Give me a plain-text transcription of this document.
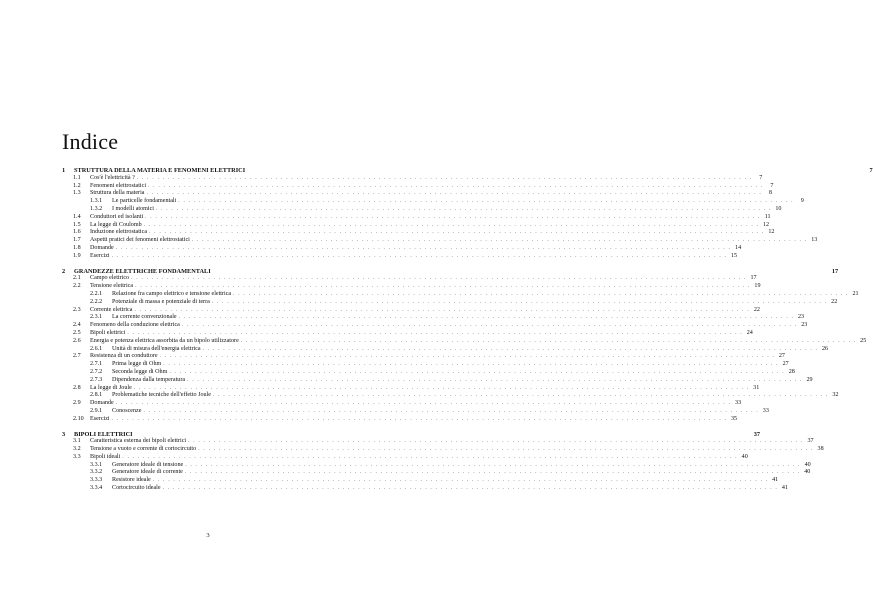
Indice
1	STRUTTURA DELLA MATERIA E FENOMENI ELETTRICI	7
1.1	Cos'è l'elettricità ? . . . . . . . . . . . . . . . . . . . . . . . . . . . . . . . . . . . . . . . . . . . . . . . . . . . . . . . . . . . . . . . . . . . . . . . . . . . . . . . . . . . . . . . . . . . . . . . . . . . . . . . . . . . . . . . . . . . . . . . .	7
1.2	Fenomeni elettrostatici . . . . . . . . . . . . . . . . . . . . . . . . . . . . . . . . . . . . . . . . . . . . . . . . . . . . . . . . . . . . . . . . . . . . . . . . . . . . . . . . . . . . . . . . . . . . . . . . . . . . . . . . . . . . . . . . . . . . . . . .	7
1.3	Struttura della materia . . . . . . . . . . . . . . . . . . . . . . . . . . . . . . . . . . . . . . . . . . . . . . . . . . . . . . . . . . . . . . . . . . . . . . . . . . . . . . . . . . . . . . . . . . . . . . . . . . . . . . . . . . . . . . . . . . . . . . . .	8
1.3.1	Le particelle fondamentali . . . . . . . . . . . . . . . . . . . . . . . . . . . . . . . . . . . . . . . . . . . . . . . . . . . . . . . . . . . . . . . . . . . . . . . . . . . . . . . . . . . . . . . . . . . . . . . . . . . . . . . . . . . . . . . . . . . . . . . .	9
1.3.2	I modelli atomici . . . . . . . . . . . . . . . . . . . . . . . . . . . . . . . . . . . . . . . . . . . . . . . . . . . . . . . . . . . . . . . . . . . . . . . . . . . . . . . . . . . . . . . . . . . . . . . . . . . . . . . . . . . . . . . . . . . . . . . . 10
1.4	Conduttori ed isolanti . . . . . . . . . . . . . . . . . . . . . . . . . . . . . . . . . . . . . . . . . . . . . . . . . . . . . . . . . . . . . . . . . . . . . . . . . . . . . . . . . . . . . . . . . . . . . . . . . . . . . . . . . . . . . . . . . . . . . . . . 11
1.5	La legge di Coulomb . . . . . . . . . . . . . . . . . . . . . . . . . . . . . . . . . . . . . . . . . . . . . . . . . . . . . . . . . . . . . . . . . . . . . . . . . . . . . . . . . . . . . . . . . . . . . . . . . . . . . . . . . . . . . . . . . . . . . . . . 12
1.6	Induzione elettrostatica . . . . . . . . . . . . . . . . . . . . . . . . . . . . . . . . . . . . . . . . . . . . . . . . . . . . . . . . . . . . . . . . . . . . . . . . . . . . . . . . . . . . . . . . . . . . . . . . . . . . . . . . . . . . . . . . . . . . . . . . 12
1.7	Aspetti pratici dei fenomeni elettrostatici . . . . . . . . . . . . . . . . . . . . . . . . . . . . . . . . . . . . . . . . . . . . . . . . . . . . . . . . . . . . . . . . . . . . . . . . . . . . . . . . . . . . . . . . . . . . . . . . . . . . . . . . . . . . . . . . . . . . . . . . 13
1.8	Domande . . . . . . . . . . . . . . . . . . . . . . . . . . . . . . . . . . . . . . . . . . . . . . . . . . . . . . . . . . . . . . . . . . . . . . . . . . . . . . . . . . . . . . . . . . . . . . . . . . . . . . . . . . . . . . . . . . . . . . . . 14
1.9	Esercizi . . . . . . . . . . . . . . . . . . . . . . . . . . . . . . . . . . . . . . . . . . . . . . . . . . . . . . . . . . . . . . . . . . . . . . . . . . . . . . . . . . . . . . . . . . . . . . . . . . . . . . . . . . . . . . . . . . . . . . . . 15
2	GRANDEZZE ELETTRICHE FONDAMENTALI	17
2.1	Campo elettrico . . . . . . . . . . . . . . . . . . . . . . . . . . . . . . . . . . . . . . . . . . . . . . . . . . . . . . . . . . . . . . . . . . . . . . . . . . . . . . . . . . . . . . . . . . . . . . . . . . . . . . . . . . . . . . . . . . . . . . . . 17
2.2	Tensione elettrica . . . . . . . . . . . . . . . . . . . . . . . . . . . . . . . . . . . . . . . . . . . . . . . . . . . . . . . . . . . . . . . . . . . . . . . . . . . . . . . . . . . . . . . . . . . . . . . . . . . . . . . . . . . . . . . . . . . . . . . . 19
2.2.1	Relazione fra campo elettrico e tensione elettrica . . . . . . . . . . . . . . . . . . . . . . . . . . . . . . . . . . . . . . . . . . . . . . . . . . . . . . . . . . . . . . . . . . . . . . . . . . . . . . . . . . . . . . . . . . . . . . . . . . . . . . . . . . . . . . . . . . . . . . . . 21
2.2.2	Potenziale di massa e potenziale di terra . . . . . . . . . . . . . . . . . . . . . . . . . . . . . . . . . . . . . . . . . . . . . . . . . . . . . . . . . . . . . . . . . . . . . . . . . . . . . . . . . . . . . . . . . . . . . . . . . . . . . . . . . . . . . . . . . . . . . . . . 22
2.3	Corrente elettrica . . . . . . . . . . . . . . . . . . . . . . . . . . . . . . . . . . . . . . . . . . . . . . . . . . . . . . . . . . . . . . . . . . . . . . . . . . . . . . . . . . . . . . . . . . . . . . . . . . . . . . . . . . . . . . . . . . . . . . . . 22
2.3.1	La corrente convenzionale . . . . . . . . . . . . . . . . . . . . . . . . . . . . . . . . . . . . . . . . . . . . . . . . . . . . . . . . . . . . . . . . . . . . . . . . . . . . . . . . . . . . . . . . . . . . . . . . . . . . . . . . . . . . . . . . . . . . . . . . 23
2.4	Fenomeno della conduzione elettrica . . . . . . . . . . . . . . . . . . . . . . . . . . . . . . . . . . . . . . . . . . . . . . . . . . . . . . . . . . . . . . . . . . . . . . . . . . . . . . . . . . . . . . . . . . . . . . . . . . . . . . . . . . . . . . . . . . . . . . . . 23
2.5	Bipoli elettrici . . . . . . . . . . . . . . . . . . . . . . . . . . . . . . . . . . . . . . . . . . . . . . . . . . . . . . . . . . . . . . . . . . . . . . . . . . . . . . . . . . . . . . . . . . . . . . . . . . . . . . . . . . . . . . . . . . . . . . . . 24
2.6	Energia e potenza elettrica assorbita da un bipolo utilizzatore . . . . . . . . . . . . . . . . . . . . . . . . . . . . . . . . . . . . . . . . . . . . . . . . . . . . . . . . . . . . . . . . . . . . . . . . . . . . . . . . . . . . . . . . . . . . . . . . . . . . . . . . . . . . . . . . . . . . . . . . 25
2.6.1	Unità di misura dell'energia elettrica . . . . . . . . . . . . . . . . . . . . . . . . . . . . . . . . . . . . . . . . . . . . . . . . . . . . . . . . . . . . . . . . . . . . . . . . . . . . . . . . . . . . . . . . . . . . . . . . . . . . . . . . . . . . . . . . . . . . . . . . 26
2.7	Resistenza di un conduttore . . . . . . . . . . . . . . . . . . . . . . . . . . . . . . . . . . . . . . . . . . . . . . . . . . . . . . . . . . . . . . . . . . . . . . . . . . . . . . . . . . . . . . . . . . . . . . . . . . . . . . . . . . . . . . . . . . . . . . . . 27
2.7.1	Prima legge di Ohm . . . . . . . . . . . . . . . . . . . . . . . . . . . . . . . . . . . . . . . . . . . . . . . . . . . . . . . . . . . . . . . . . . . . . . . . . . . . . . . . . . . . . . . . . . . . . . . . . . . . . . . . . . . . . . . . . . . . . . . . 27
2.7.2	Seconda legge di Ohm . . . . . . . . . . . . . . . . . . . . . . . . . . . . . . . . . . . . . . . . . . . . . . . . . . . . . . . . . . . . . . . . . . . . . . . . . . . . . . . . . . . . . . . . . . . . . . . . . . . . . . . . . . . . . . . . . . . . . . . . 28
2.7.3	Dipendenza dalla temperatura . . . . . . . . . . . . . . . . . . . . . . . . . . . . . . . . . . . . . . . . . . . . . . . . . . . . . . . . . . . . . . . . . . . . . . . . . . . . . . . . . . . . . . . . . . . . . . . . . . . . . . . . . . . . . . . . . . . . . . . . 29
2.8	La legge di Joule . . . . . . . . . . . . . . . . . . . . . . . . . . . . . . . . . . . . . . . . . . . . . . . . . . . . . . . . . . . . . . . . . . . . . . . . . . . . . . . . . . . . . . . . . . . . . . . . . . . . . . . . . . . . . . . . . . . . . . . . 31
2.8.1	Problematiche tecniche dell'effetto Joule . . . . . . . . . . . . . . . . . . . . . . . . . . . . . . . . . . . . . . . . . . . . . . . . . . . . . . . . . . . . . . . . . . . . . . . . . . . . . . . . . . . . . . . . . . . . . . . . . . . . . . . . . . . . . . . . . . . . . . . . 32
2.9	Domande . . . . . . . . . . . . . . . . . . . . . . . . . . . . . . . . . . . . . . . . . . . . . . . . . . . . . . . . . . . . . . . . . . . . . . . . . . . . . . . . . . . . . . . . . . . . . . . . . . . . . . . . . . . . . . . . . . . . . . . . 33
2.9.1	Conoscenze . . . . . . . . . . . . . . . . . . . . . . . . . . . . . . . . . . . . . . . . . . . . . . . . . . . . . . . . . . . . . . . . . . . . . . . . . . . . . . . . . . . . . . . . . . . . . . . . . . . . . . . . . . . . . . . . . . . . . . . . 33
2.10	Esercizi . . . . . . . . . . . . . . . . . . . . . . . . . . . . . . . . . . . . . . . . . . . . . . . . . . . . . . . . . . . . . . . . . . . . . . . . . . . . . . . . . . . . . . . . . . . . . . . . . . . . . . . . . . . . . . . . . . . . . . . . 35
3	BIPOLI ELETTRICI	37
3.1	Caratteristica esterna dei bipoli elettrici . . . . . . . . . . . . . . . . . . . . . . . . . . . . . . . . . . . . . . . . . . . . . . . . . . . . . . . . . . . . . . . . . . . . . . . . . . . . . . . . . . . . . . . . . . . . . . . . . . . . . . . . . . . . . . . . . . . . . . . . 37
3.2	Tensione a vuoto e corrente di cortocircuito . . . . . . . . . . . . . . . . . . . . . . . . . . . . . . . . . . . . . . . . . . . . . . . . . . . . . . . . . . . . . . . . . . . . . . . . . . . . . . . . . . . . . . . . . . . . . . . . . . . . . . . . . . . . . . . . . . . . . . . . 38
3.3	Bipoli ideali . . . . . . . . . . . . . . . . . . . . . . . . . . . . . . . . . . . . . . . . . . . . . . . . . . . . . . . . . . . . . . . . . . . . . . . . . . . . . . . . . . . . . . . . . . . . . . . . . . . . . . . . . . . . . . . . . . . . . . . . 40
3.3.1	Generatore ideale di tensione . . . . . . . . . . . . . . . . . . . . . . . . . . . . . . . . . . . . . . . . . . . . . . . . . . . . . . . . . . . . . . . . . . . . . . . . . . . . . . . . . . . . . . . . . . . . . . . . . . . . . . . . . . . . . . . . . . . . . . . . 40
3.3.2	Generatore ideale di corrente . . . . . . . . . . . . . . . . . . . . . . . . . . . . . . . . . . . . . . . . . . . . . . . . . . . . . . . . . . . . . . . . . . . . . . . . . . . . . . . . . . . . . . . . . . . . . . . . . . . . . . . . . . . . . . . . . . . . . . . . 40
3.3.3	Resistore ideale . . . . . . . . . . . . . . . . . . . . . . . . . . . . . . . . . . . . . . . . . . . . . . . . . . . . . . . . . . . . . . . . . . . . . . . . . . . . . . . . . . . . . . . . . . . . . . . . . . . . . . . . . . . . . . . . . . . . . . . . 41
3.3.4	Cortocircuito ideale . . . . . . . . . . . . . . . . . . . . . . . . . . . . . . . . . . . . . . . . . . . . . . . . . . . . . . . . . . . . . . . . . . . . . . . . . . . . . . . . . . . . . . . . . . . . . . . . . . . . . . . . . . . . . . . . . . . . . . . . 41
3
